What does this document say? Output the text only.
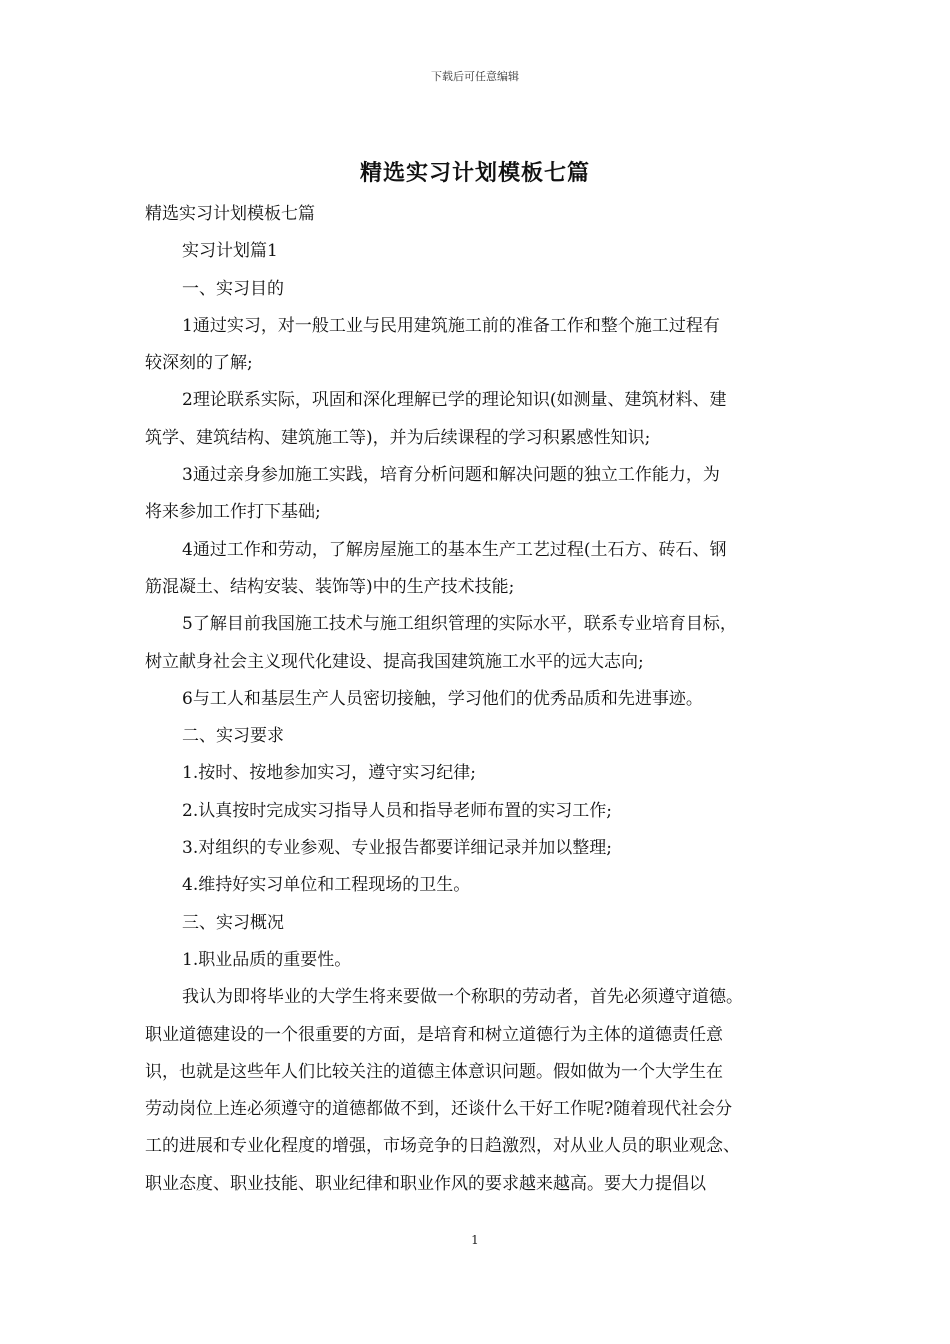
下载后可任意编辑
精选实习计划模板七篇

精选实习计划模板七篇

实习计划篇1

一、实习目的

1通过实习，对一般工业与民用建筑施工前的准备工作和整个施工过程有

较深刻的了解;

2理论联系实际，巩固和深化理解已学的理论知识(如测量、建筑材料、建

筑学、建筑结构、建筑施工等)，并为后续课程的学习积累感性知识;

3通过亲身参加施工实践，培育分析问题和解决问题的独立工作能力，为

将来参加工作打下基础;

4通过工作和劳动，了解房屋施工的基本生产工艺过程(土石方、砖石、钢

筋混凝土、结构安装、装饰等)中的生产技术技能;

5了解目前我国施工技术与施工组织管理的实际水平，联系专业培育目标，

树立献身社会主义现代化建设、提高我国建筑施工水平的远大志向;

6与工人和基层生产人员密切接触，学习他们的优秀品质和先进事迹。

二、实习要求

1.按时、按地参加实习，遵守实习纪律;

2.认真按时完成实习指导人员和指导老师布置的实习工作;

3.对组织的专业参观、专业报告都要详细记录并加以整理;

4.维持好实习单位和工程现场的卫生。

三、实习概况

1.职业品质的重要性。

我认为即将毕业的大学生将来要做一个称职的劳动者，首先必须遵守道德。

职业道德建设的一个很重要的方面，是培育和树立道德行为主体的道德责任意

识，也就是这些年人们比较关注的道德主体意识问题。假如做为一个大学生在

劳动岗位上连必须遵守的道德都做不到，还谈什么干好工作呢?随着现代社会分

工的进展和专业化程度的增强，市场竞争的日趋激烈，对从业人员的职业观念、

职业态度、职业技能、职业纪律和职业作风的要求越来越高。要大力提倡以

1
